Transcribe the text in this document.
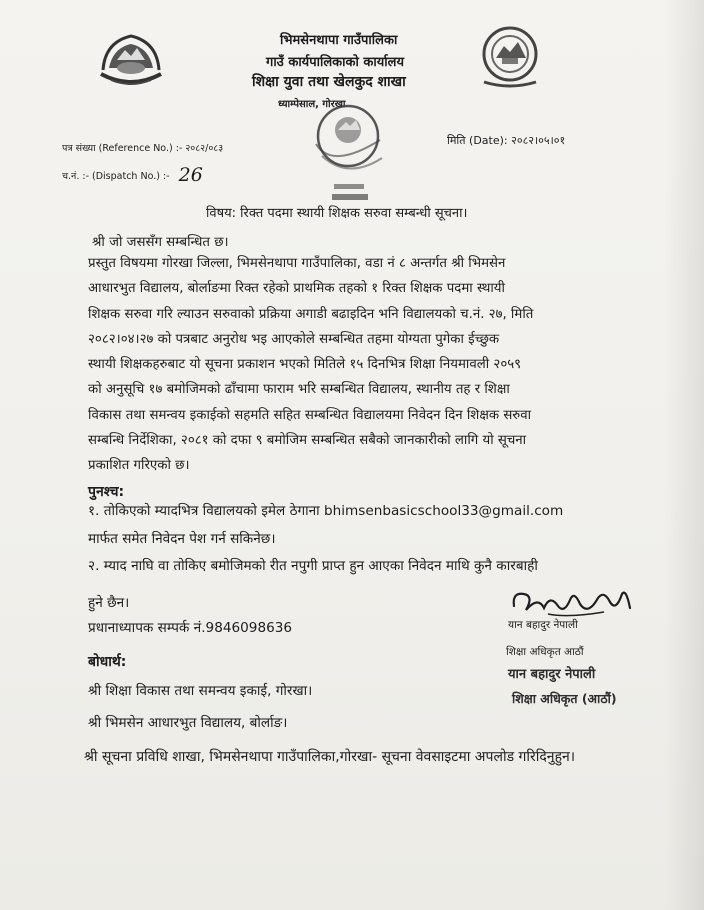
भिमसेनथापा गाउँपालिका
गाउँ कार्यपालिकाको कार्यालय
शिक्षा युवा तथा खेलकुद शाखा
ध्याम्पेसाल, गोरखा
पत्र संख्या (Reference No.) :- २०८२/०८३
च.नं. :- (Dispatch No.) :- 26
मिति (Date): २०८२।०५।०१
विषय: रिक्त पदमा स्थायी शिक्षक सरुवा सम्बन्धी सूचना।
श्री जो जससँग सम्बन्धित छ।

प्रस्तुत विषयमा गोरखा जिल्ला, भिमसेनथापा गाउँपालिका, वडा नं ८ अन्तर्गत श्री भिमसेन

आधारभुत विद्यालय, बोर्लाङमा रिक्त रहेको प्राथमिक तहको १ रिक्त शिक्षक पदमा स्थायी

शिक्षक सरुवा गरि ल्याउन सरुवाको प्रक्रिया अगाडी बढाइदिन भनि विद्यालयको च.नं. २७, मिति

२०८२।०४।२७ को पत्रबाट अनुरोध भइ आएकोले सम्बन्धित तहमा योग्यता पुगेका ईच्छुक

स्थायी शिक्षकहरुबाट यो सूचना प्रकाशन भएको मितिले १५ दिनभित्र शिक्षा नियमावली २०५९

को अनुसूचि १७ बमोजिमको ढाँचामा फाराम भरि सम्बन्धित विद्यालय, स्थानीय तह र शिक्षा

विकास तथा समन्वय इकाईको सहमति सहित सम्बन्धित विद्यालयमा निवेदन दिन शिक्षक सरुवा

सम्बन्धि निर्देशिका, २०८१ को दफा ९ बमोजिम सम्बन्धित सबैको जानकारीको लागि यो सूचना

प्रकाशित गरिएको छ।

पुनश्च:
१. तोकिएको म्यादभित्र विद्यालयको इमेल ठेगाना bhimsenbasicschool33@gmail.com
मार्फत समेत निवेदन पेश गर्न सकिनेछ।
२. म्याद नाघि वा तोकिए बमोजिमको रीत नपुगी प्राप्त हुन आएका निवेदन माथि कुनै कारबाही
हुने छैन।
प्रधानाध्यापक सम्पर्क नं.9846098636	यान बहादुर नेपाली
शिक्षा अधिकृत आठौं
यान बहादुर नेपाली
शिक्षा अधिकृत (आठौं)
बोधार्थ:
श्री शिक्षा विकास तथा समन्वय इकाई, गोरखा।
श्री भिमसेन आधारभुत विद्यालय, बोर्लाङ।
श्री सूचना प्रविधि शाखा, भिमसेनथापा गाउँपालिका,गोरखा- सूचना वेवसाइटमा अपलोड गरिदिनुहुन।
